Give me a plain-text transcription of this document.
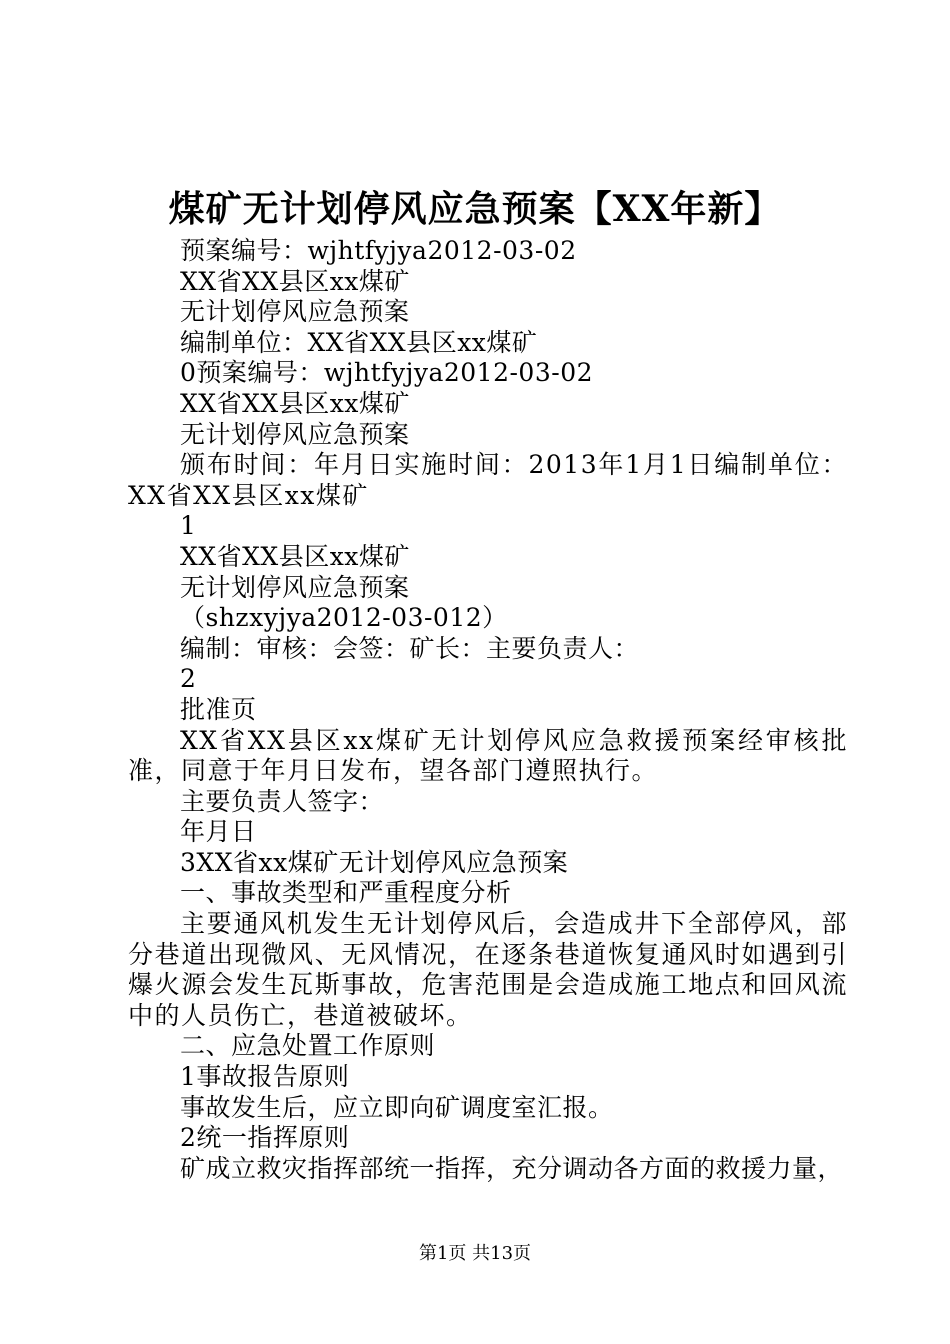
煤矿无计划停风应急预案【XX年新】

预案编号：wjhtfyjya2012-03-02

XX省XX县区xx煤矿

无计划停风应急预案

编制单位：XX省XX县区xx煤矿

0预案编号：wjhtfyjya2012-03-02

XX省XX县区xx煤矿

无计划停风应急预案

颁布时间：年月日实施时间：2013年1月1日编制单位：XX省XX县区xx煤矿

1

XX省XX县区xx煤矿

无计划停风应急预案

（shzxyjya2012-03-012）

编制：审核：会签：矿长：主要负责人：

2

批准页

XX省XX县区xx煤矿无计划停风应急救援预案经审核批准，同意于年月日发布，望各部门遵照执行。

主要负责人签字：

年月日

3XX省xx煤矿无计划停风应急预案

一、事故类型和严重程度分析

主要通风机发生无计划停风后，会造成井下全部停风，部分巷道出现微风、无风情况，在逐条巷道恢复通风时如遇到引爆火源会发生瓦斯事故，危害范围是会造成施工地点和回风流中的人员伤亡，巷道被破坏。

二、应急处置工作原则

1事故报告原则

事故发生后，应立即向矿调度室汇报。

2统一指挥原则

矿成立救灾指挥部统一指挥，充分调动各方面的救援力量，

第1页 共13页
